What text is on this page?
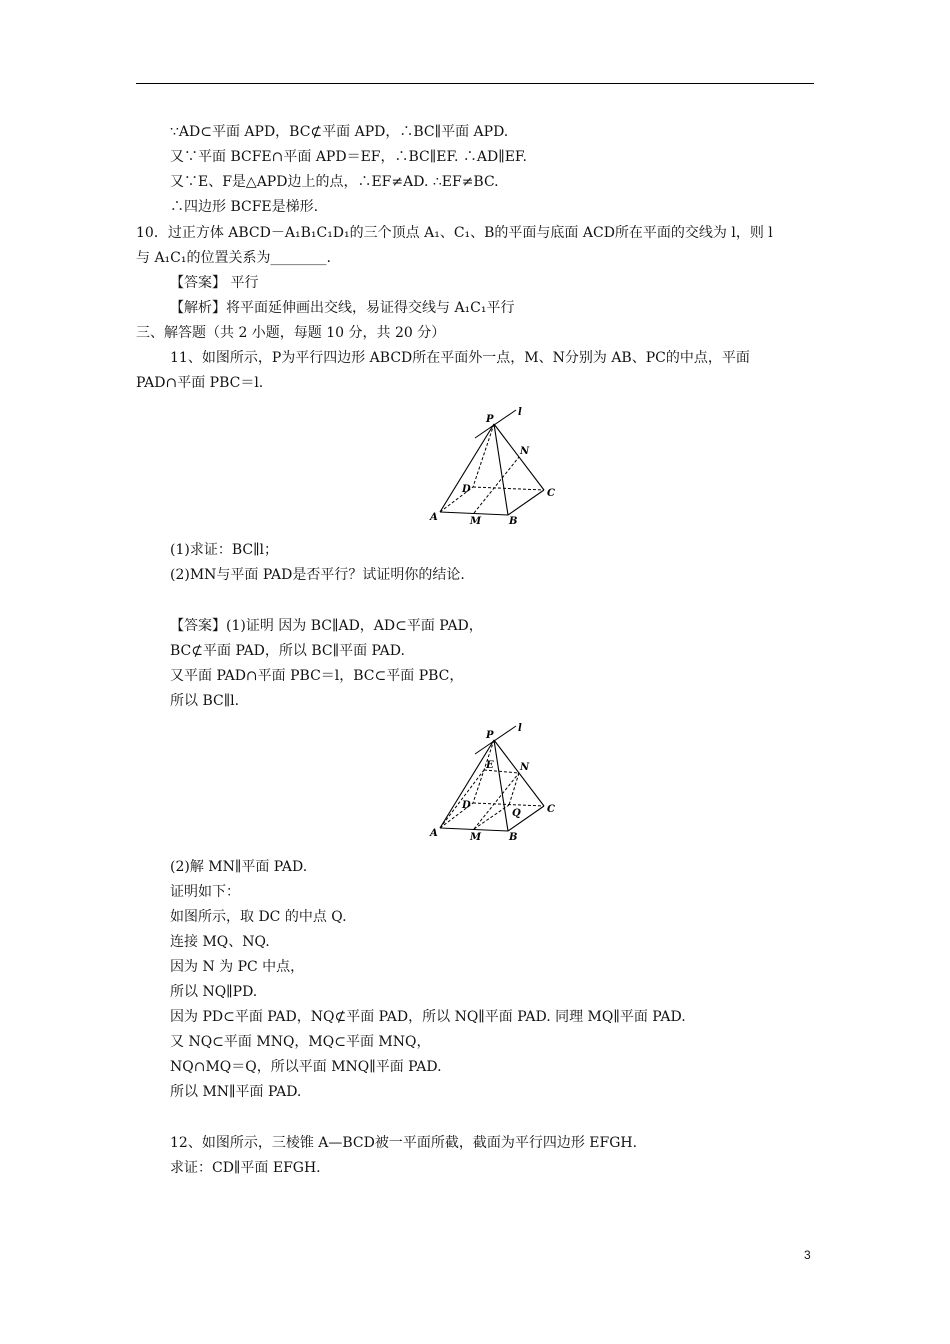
∵AD⊂平面 APD，BC⊄平面 APD，∴BC∥平面 APD.
又∵平面 BCFE∩平面 APD＝EF，∴BC∥EF. ∴AD∥EF.
又∵E、F是△APD边上的点，∴EF≠AD. ∴EF≠BC.
∴四边形 BCFE是梯形.
10．过正方体 ABCD－A₁B₁C₁D₁的三个顶点 A₁、C₁、B的平面与底面 ACD所在平面的交线为 l，则 l
与 A₁C₁的位置关系为________.
【答案】 平行
【解析】将平面延伸画出交线，易证得交线与 A₁C₁平行
三、解答题（共 2 小题，每题 10 分，共 20 分）
11、如图所示，P为平行四边形 ABCD所在平面外一点，M、N分别为 AB、PC的中点，平面
PAD∩平面 PBC＝l.
P
l
N
D	C
A	M	B
(1)求证：BC∥l；
(2)MN与平面 PAD是否平行？试证明你的结论.
【答案】(1)证明 因为 BC∥AD，AD⊂平面 PAD，
BC⊄平面 PAD，所以 BC∥平面 PAD.
又平面 PAD∩平面 PBC＝l，BC⊂平面 PBC，
所以 BC∥l.
P
l
E	N
D
Q	C
A	M	B
(2)解 MN∥平面 PAD.
证明如下：
如图所示，取 DC 的中点 Q.
连接 MQ、NQ.
因为 N 为 PC 中点，
所以 NQ∥PD.
因为 PD⊂平面 PAD，NQ⊄平面 PAD，所以 NQ∥平面 PAD. 同理 MQ∥平面 PAD.
又 NQ⊂平面 MNQ，MQ⊂平面 MNQ，
NQ∩MQ＝Q，所以平面 MNQ∥平面 PAD.
所以 MN∥平面 PAD.
12、如图所示，三棱锥 A—BCD被一平面所截，截面为平行四边形 EFGH.
求证：CD∥平面 EFGH.
3
